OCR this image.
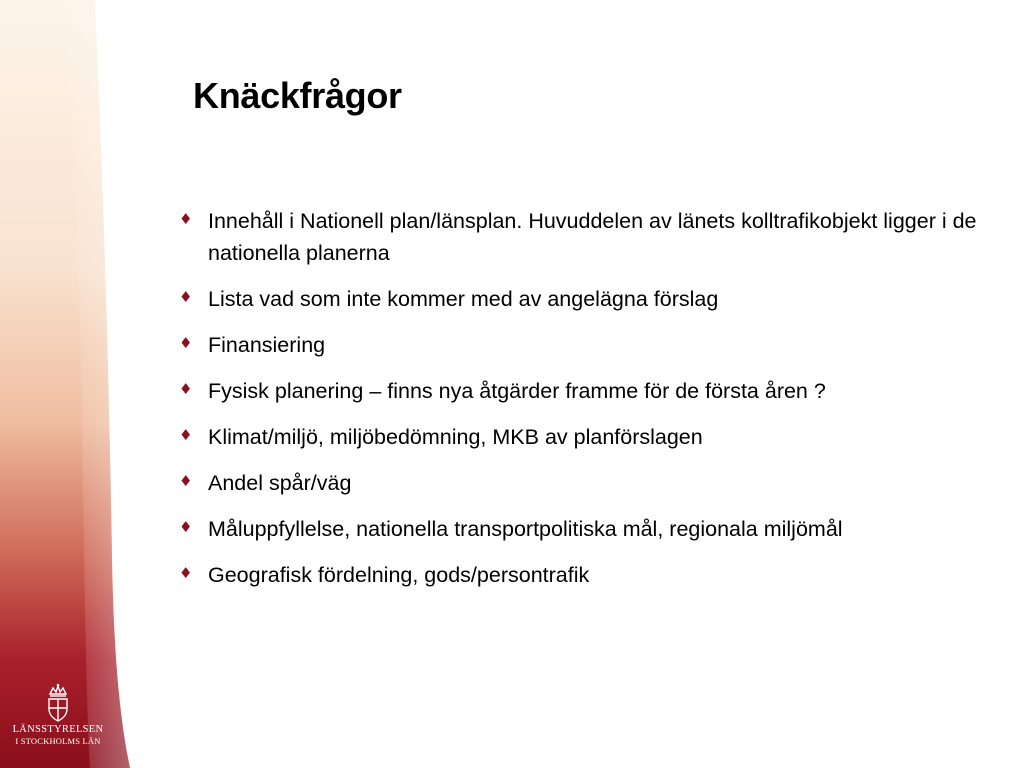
Knäckfrågor
♦ Innehåll i Nationell plan/länsplan. Huvuddelen av länets kolltrafikobjekt ligger i de nationella planerna
♦ Lista vad som inte kommer med av angelägna förslag
♦ Finansiering
♦ Fysisk planering – finns nya åtgärder framme för de första åren ?
♦ Klimat/miljö, miljöbedömning, MKB av planförslagen
♦ Andel spår/väg
♦ Måluppfyllelse, nationella transportpolitiska mål, regionala miljömål
♦ Geografisk fördelning, gods/persontrafik
LÄNSSTYRELSEN
I STOCKHOLMS LÄN
